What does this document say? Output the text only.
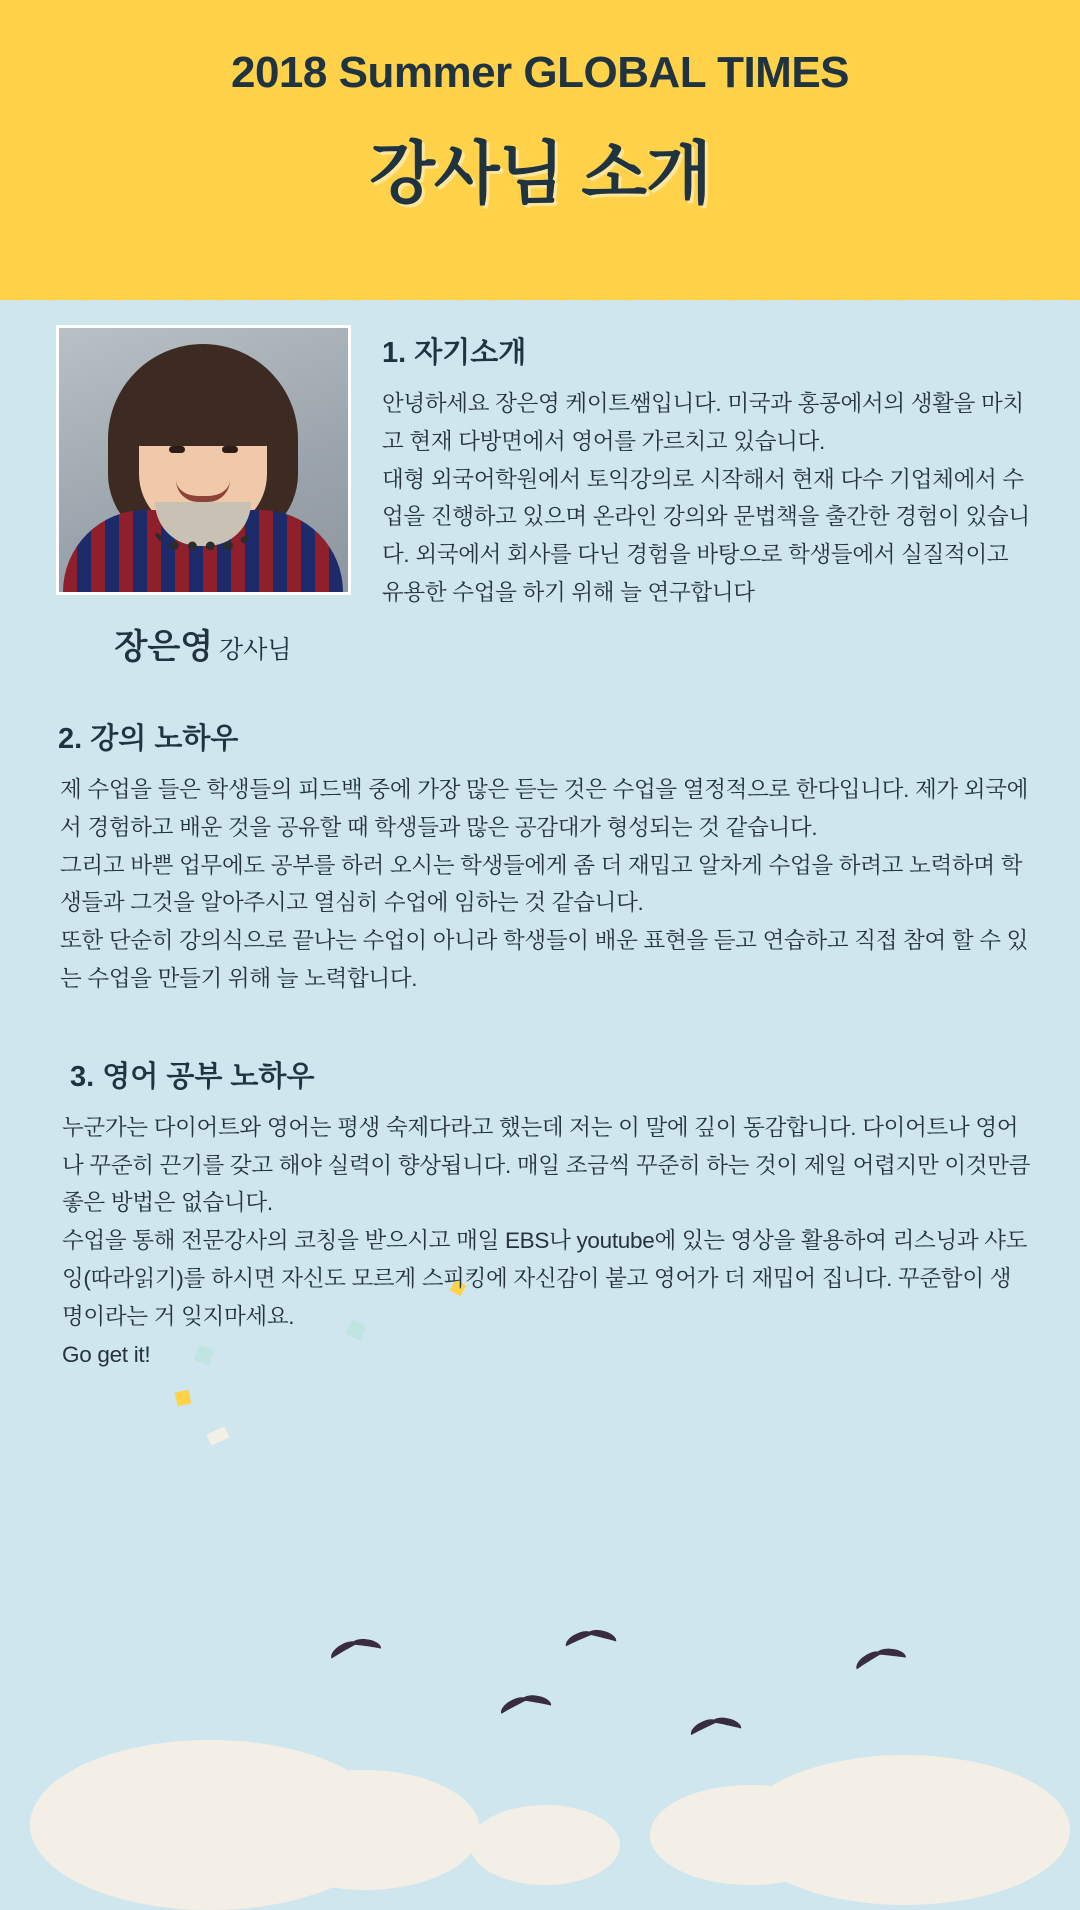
2018 Summer GLOBAL TIMES
강사님 소개
장은영 강사님
1. 자기소개

안녕하세요 장은영 케이트쌤입니다. 미국과 홍콩에서의 생활을 마치고 현재 다방면에서 영어를 가르치고 있습니다.

대형 외국어학원에서 토익강의로 시작해서 현재 다수 기업체에서 수업을 진행하고 있으며 온라인 강의와 문법책을 출간한 경험이 있습니다. 외국에서 회사를 다닌 경험을 바탕으로 학생들에서 실질적이고 유용한 수업을 하기 위해 늘 연구합니다

2. 강의 노하우

제 수업을 들은 학생들의 피드백 중에 가장 많은 듣는 것은 수업을 열정적으로 한다입니다. 제가 외국에서 경험하고 배운 것을 공유할 때 학생들과 많은 공감대가 형성되는 것 같습니다.

그리고 바쁜 업무에도 공부를 하러 오시는 학생들에게 좀 더 재밉고 알차게 수업을 하려고 노력하며 학생들과 그것을 알아주시고 열심히 수업에 임하는 것 같습니다.

또한 단순히 강의식으로 끝나는 수업이 아니라 학생들이 배운 표현을 듣고 연습하고 직접 참여 할 수 있는 수업을 만들기 위해 늘 노력합니다.

3. 영어 공부 노하우

누군가는 다이어트와 영어는 평생 숙제다라고 했는데 저는 이 말에 깊이 동감합니다. 다이어트나 영어나 꾸준히 끈기를 갖고 해야 실력이 향상됩니다. 매일 조금씩 꾸준히 하는 것이 제일 어렵지만 이것만큼 좋은 방법은 없습니다.

수업을 통해 전문강사의 코칭을 받으시고 매일 EBS나 youtube에 있는 영상을 활용하여 리스닝과 샤도잉(따라읽기)를 하시면 자신도 모르게 스피킹에 자신감이 붙고 영어가 더 재밉어 집니다. 꾸준함이 생명이라는 거 잊지마세요.

Go get it!
